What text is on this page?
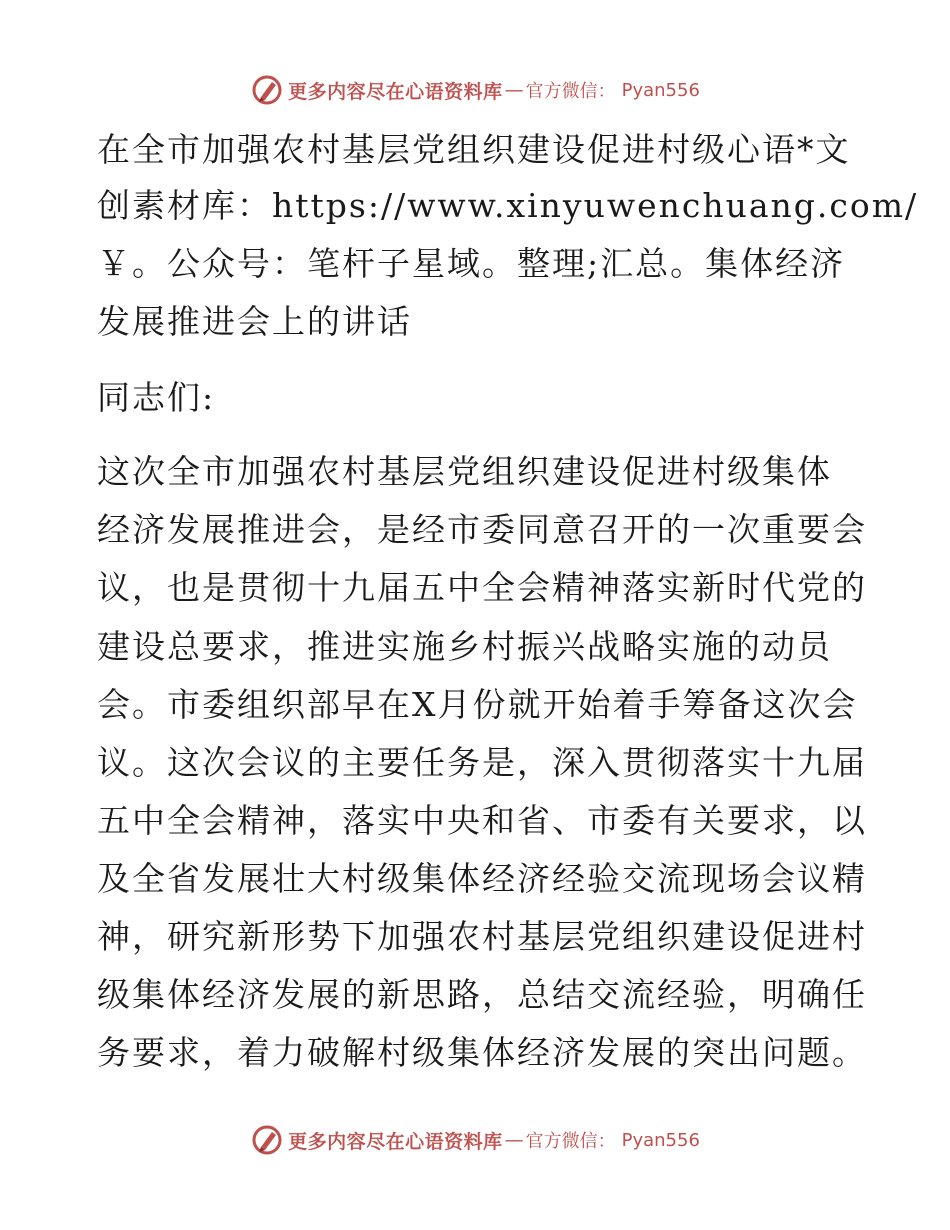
更多内容尽在心语资料库 — 官方微信： Pyan556

在全市加强农村基层党组织建设促进村级心语*文

创素材库：https://www.xinyuwenchuang.com/

￥。公众号：笔杆子星域。整理;汇总。集体经济

发展推进会上的讲话

同志们:

这次全市加强农村基层党组织建设促进村级集体

经济发展推进会，是经市委同意召开的一次重要会

议，也是贯彻十九届五中全会精神落实新时代党的

建设总要求，推进实施乡村振兴战略实施的动员

会。市委组织部早在X月份就开始着手筹备这次会

议。这次会议的主要任务是，深入贯彻落实十九届

五中全会精神，落实中央和省、市委有关要求，以

及全省发展壮大村级集体经济经验交流现场会议精

神，研究新形势下加强农村基层党组织建设促进村

级集体经济发展的新思路，总结交流经验，明确任

务要求，着力破解村级集体经济发展的突出问题。

更多内容尽在心语资料库 — 官方微信： Pyan556
